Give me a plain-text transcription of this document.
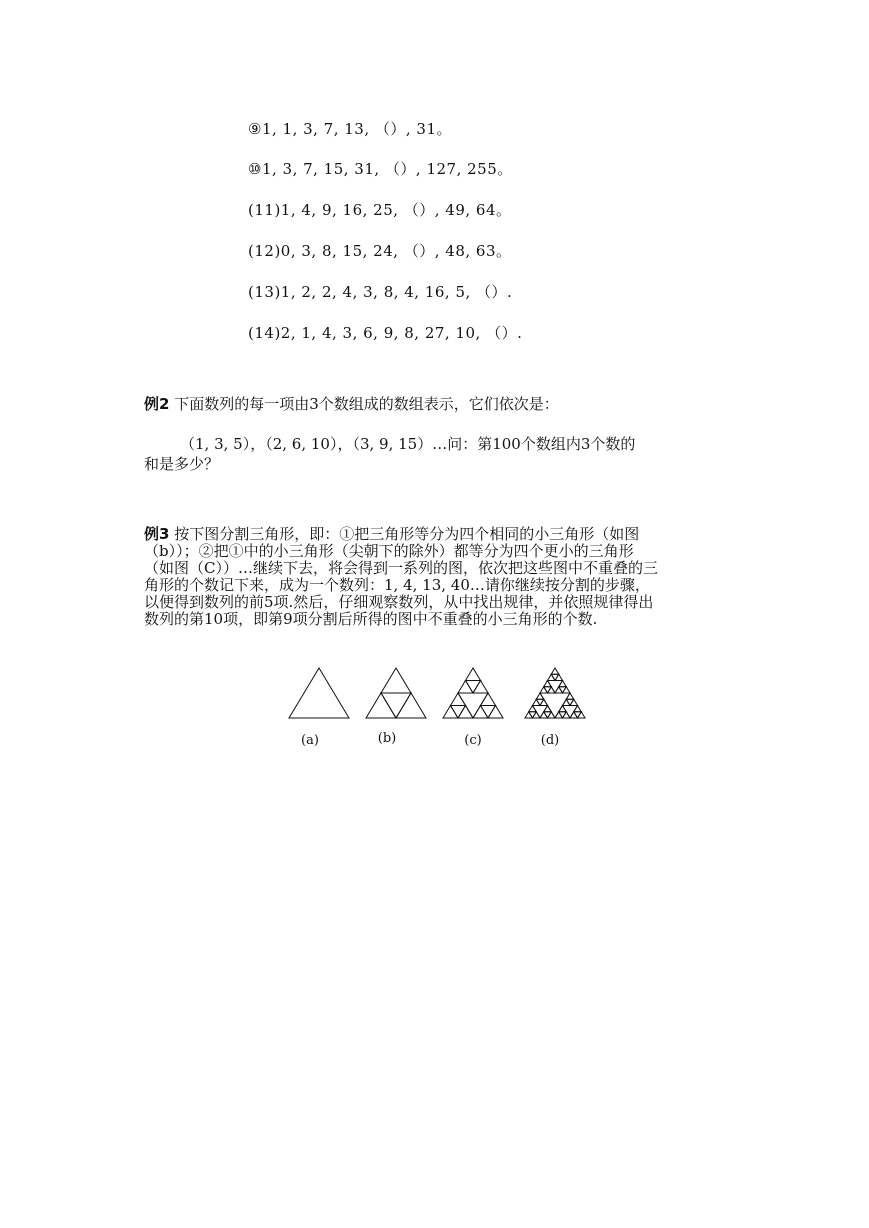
⑨1, 1, 3, 7, 13, （）, 31。
⑩1, 3, 7, 15, 31, （）, 127, 255。
(11)1, 4, 9, 16, 25, （）, 49, 64。
(12)0, 3, 8, 15, 24, （）, 48, 63。
(13)1, 2, 2, 4, 3, 8, 4, 16, 5, （）.
(14)2, 1, 4, 3, 6, 9, 8, 27, 10, （）.
例2 下面数列的每一项由3个数组成的数组表示，它们依次是：
（1, 3, 5），（2, 6, 10），（3, 9, 15）…问：第100个数组内3个数的
和是多少？
例3 按下图分割三角形，即：①把三角形等分为四个相同的小三角形（如图
（b））；②把①中的小三角形（尖朝下的除外）都等分为四个更小的三角形
（如图（C））…继续下去，将会得到一系列的图，依次把这些图中不重叠的三
角形的个数记下来，成为一个数列：1, 4, 13, 40…请你继续按分割的步骤，
以便得到数列的前5项.然后，仔细观察数列，从中找出规律，并依照规律得出
数列的第10项，即第9项分割后所得的图中不重叠的小三角形的个数.
(a)	(b)	(c)	(d)
